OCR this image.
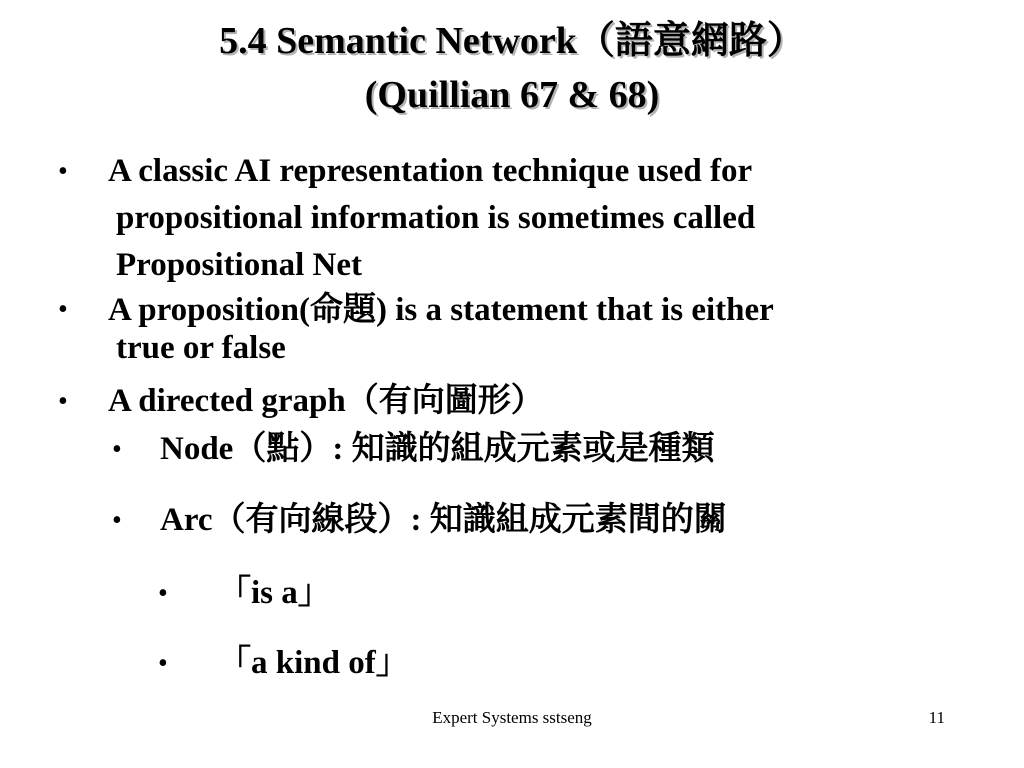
5.4 Semantic Network（語意網路）
(Quillian 67 & 68)
• A classic AI representation technique used for
propositional information is sometimes called
Propositional Net
• A proposition(命題) is a statement that is either
true or false
• A directed graph（有向圖形）
• Node（點）: 知識的組成元素或是種類
• Arc（有向線段）: 知識組成元素間的關
• 「is a」
• 「a kind of」
Expert Systems sstseng	11
